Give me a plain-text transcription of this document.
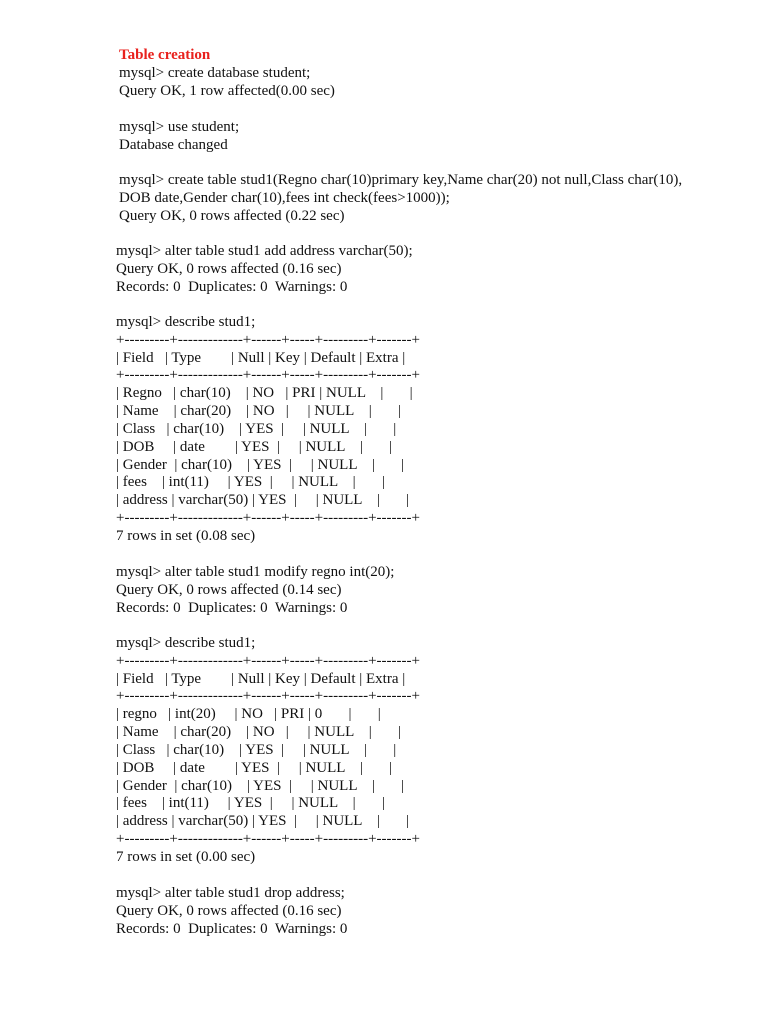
Table creation
mysql> create database student;
Query OK, 1 row affected(0.00 sec)
mysql> use student;
Database changed
mysql> create table stud1(Regno char(10)primary key,Name char(20) not null,Class char(10),
DOB date,Gender char(10),fees int check(fees>1000));
Query OK, 0 rows affected (0.22 sec)
mysql> alter table stud1 add address varchar(50);
Query OK, 0 rows affected (0.16 sec)
Records: 0  Duplicates: 0  Warnings: 0
mysql> describe stud1;
+---------+-------------+------+-----+---------+-------+
| Field   | Type        | Null | Key | Default | Extra |
+---------+-------------+------+-----+---------+-------+
| Regno   | char(10)    | NO   | PRI | NULL    |       |
| Name    | char(20)    | NO   |     | NULL    |       |
| Class   | char(10)    | YES  |     | NULL    |       |
| DOB     | date        | YES  |     | NULL    |       |
| Gender  | char(10)    | YES  |     | NULL    |       |
| fees    | int(11)     | YES  |     | NULL    |       |
| address | varchar(50) | YES  |     | NULL    |       |
+---------+-------------+------+-----+---------+-------+
7 rows in set (0.08 sec)
mysql> alter table stud1 modify regno int(20);
Query OK, 0 rows affected (0.14 sec)
Records: 0  Duplicates: 0  Warnings: 0
mysql> describe stud1;
+---------+-------------+------+-----+---------+-------+
| Field   | Type        | Null | Key | Default | Extra |
+---------+-------------+------+-----+---------+-------+
| regno   | int(20)     | NO   | PRI | 0       |       |
| Name    | char(20)    | NO   |     | NULL    |       |
| Class   | char(10)    | YES  |     | NULL    |       |
| DOB     | date        | YES  |     | NULL    |       |
| Gender  | char(10)    | YES  |     | NULL    |       |
| fees    | int(11)     | YES  |     | NULL    |       |
| address | varchar(50) | YES  |     | NULL    |       |
+---------+-------------+------+-----+---------+-------+
7 rows in set (0.00 sec)
mysql> alter table stud1 drop address;
Query OK, 0 rows affected (0.16 sec)
Records: 0  Duplicates: 0  Warnings: 0
